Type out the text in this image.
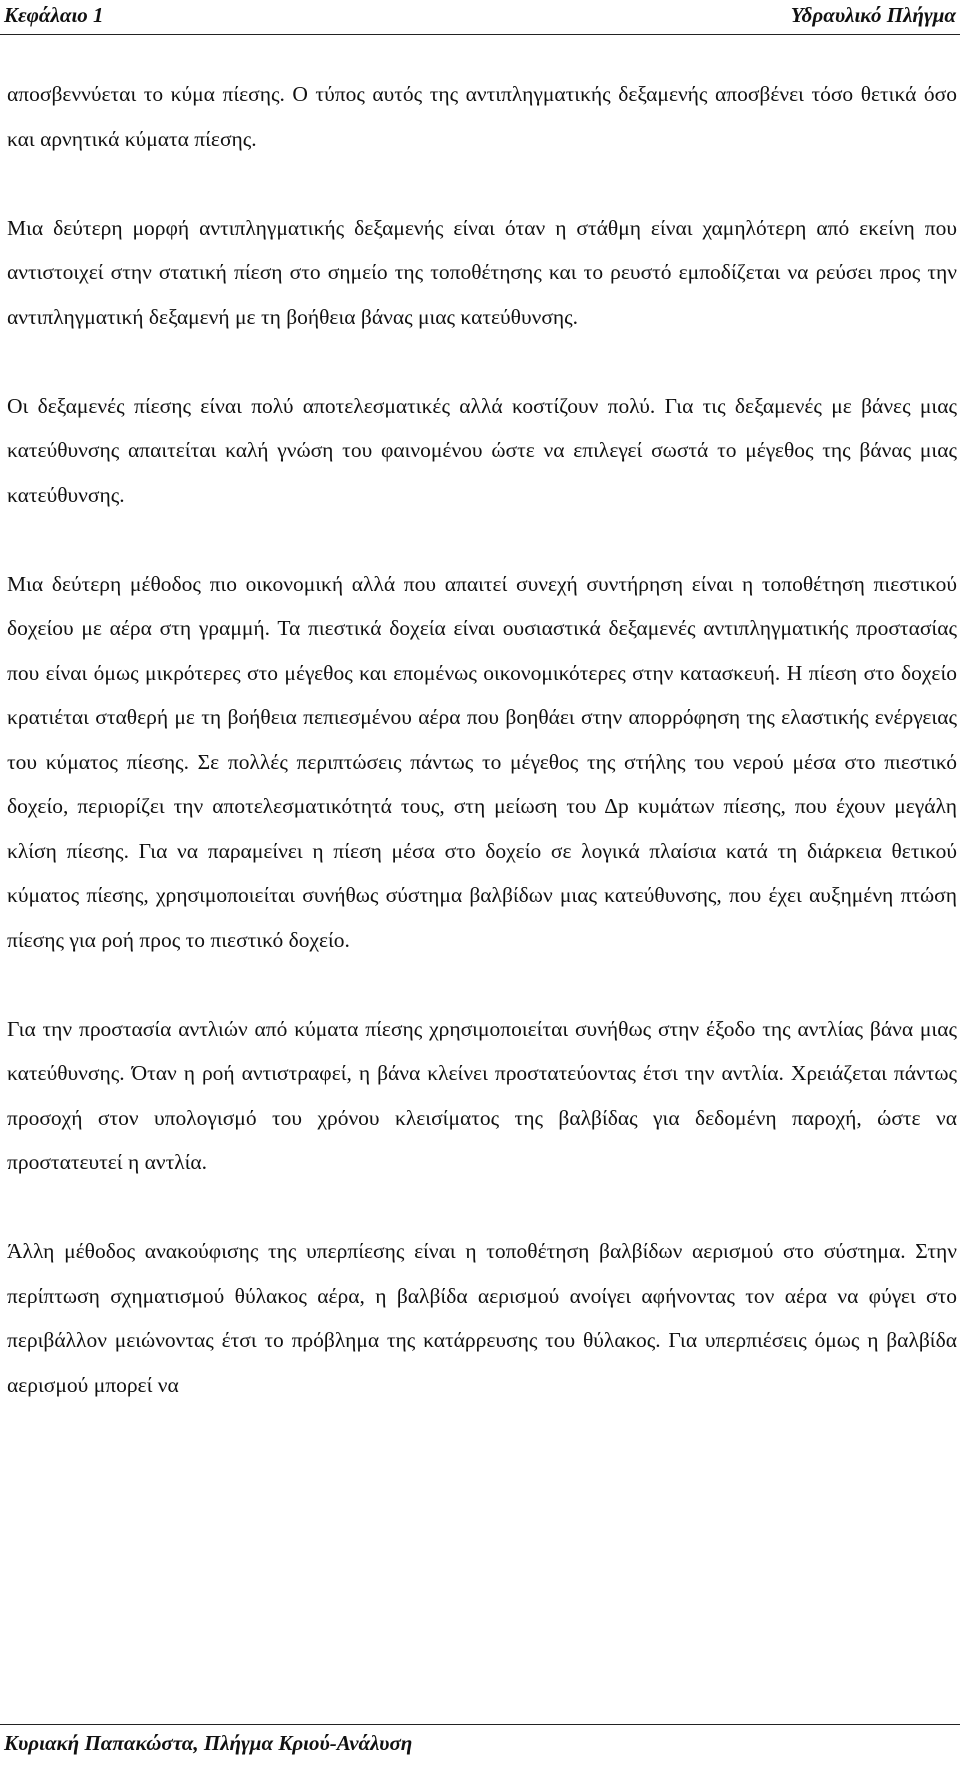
Κεφάλαιο 1	Υδραυλικό Πλήγμα

αποσβεννύεται το κύμα πίεσης. Ο τύπος αυτός της αντιπληγματικής δεξαμενής αποσβένει τόσο θετικά όσο και αρνητικά κύματα πίεσης.

Μια δεύτερη μορφή αντιπληγματικής δεξαμενής είναι όταν η στάθμη είναι χαμηλότερη από εκείνη που αντιστοιχεί στην στατική πίεση στο σημείο της τοποθέτησης και το ρευστό εμποδίζεται να ρεύσει προς την αντιπληγματική δεξαμενή με τη βοήθεια βάνας μιας κατεύθυνσης.

Οι δεξαμενές πίεσης είναι πολύ αποτελεσματικές αλλά κοστίζουν πολύ. Για τις δεξαμενές με βάνες μιας κατεύθυνσης απαιτείται καλή γνώση του φαινομένου ώστε να επιλεγεί σωστά το μέγεθος της βάνας μιας κατεύθυνσης.

Μια δεύτερη μέθοδος πιο οικονομική αλλά που απαιτεί συνεχή συντήρηση είναι η τοποθέτηση πιεστικού δοχείου με αέρα στη γραμμή. Τα πιεστικά δοχεία είναι ουσιαστικά δεξαμενές αντιπληγματικής προστασίας που είναι όμως μικρότερες στο μέγεθος και επομένως οικονομικότερες στην κατασκευή. Η πίεση στο δοχείο κρατιέται σταθερή με τη βοήθεια πεπιεσμένου αέρα που βοηθάει στην απορρόφηση της ελαστικής ενέργειας του κύματος πίεσης. Σε πολλές περιπτώσεις πάντως το μέγεθος της στήλης του νερού μέσα στο πιεστικό δοχείο, περιορίζει την αποτελεσματικότητά τους, στη μείωση του Δp κυμάτων πίεσης, που έχουν μεγάλη κλίση πίεσης. Για να παραμείνει η πίεση μέσα στο δοχείο σε λογικά πλαίσια κατά τη διάρκεια θετικού κύματος πίεσης, χρησιμοποιείται συνήθως σύστημα βαλβίδων μιας κατεύθυνσης, που έχει αυξημένη πτώση πίεσης για ροή προς το πιεστικό δοχείο.

Για την προστασία αντλιών από κύματα πίεσης χρησιμοποιείται συνήθως στην έξοδο της αντλίας βάνα μιας κατεύθυνσης. Όταν η ροή αντιστραφεί, η βάνα κλείνει προστατεύοντας έτσι την αντλία. Χρειάζεται πάντως προσοχή στον υπολογισμό του χρόνου κλεισίματος της βαλβίδας για δεδομένη παροχή, ώστε να προστατευτεί η αντλία.

Άλλη μέθοδος ανακούφισης της υπερπίεσης είναι η τοποθέτηση βαλβίδων αερισμού στο σύστημα. Στην περίπτωση σχηματισμού θύλακος αέρα, η βαλβίδα αερισμού ανοίγει αφήνοντας τον αέρα να φύγει στο περιβάλλον μειώνοντας έτσι το πρόβλημα της κατάρρευσης του θύλακος. Για υπερπιέσεις όμως η βαλβίδα αερισμού μπορεί να

Κυριακή Παπακώστα, Πλήγμα Κριού-Ανάλυση
